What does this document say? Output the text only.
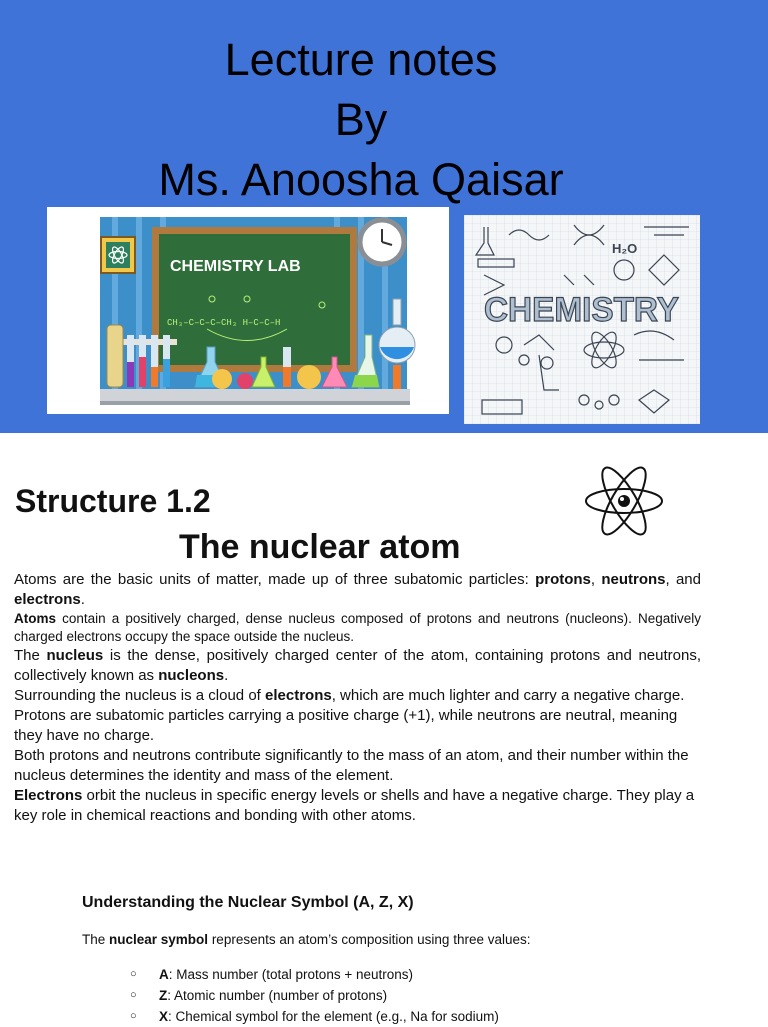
Lecture notes
By
Ms. Anoosha Qaisar
CHEMISTRY LAB
CH₃–C–C–C–CH₃ H–C–C–H
H₂O
CHEMISTRY
Structure 1.2
The nuclear atom

Atoms are the basic units of matter, made up of three subatomic particles: protons, neutrons, and electrons.

Atoms contain a positively charged, dense nucleus composed of protons and neutrons (nucleons). Negatively charged electrons occupy the space outside the nucleus.

The nucleus is the dense, positively charged center of the atom, containing protons and neutrons, collectively known as nucleons.

Surrounding the nucleus is a cloud of electrons, which are much lighter and carry a negative charge.

Protons are subatomic particles carrying a positive charge (+1), while neutrons are neutral, meaning they have no charge.

Both protons and neutrons contribute significantly to the mass of an atom, and their number within the nucleus determines the identity and mass of the element.

Electrons orbit the nucleus in specific energy levels or shells and have a negative charge. They play a key role in chemical reactions and bonding with other atoms.

Understanding the Nuclear Symbol (A, Z, X)
The nuclear symbol represents an atom’s composition using three values:
○ A: Mass number (total protons + neutrons)
○ Z: Atomic number (number of protons)
○ X: Chemical symbol for the element (e.g., Na for sodium)
